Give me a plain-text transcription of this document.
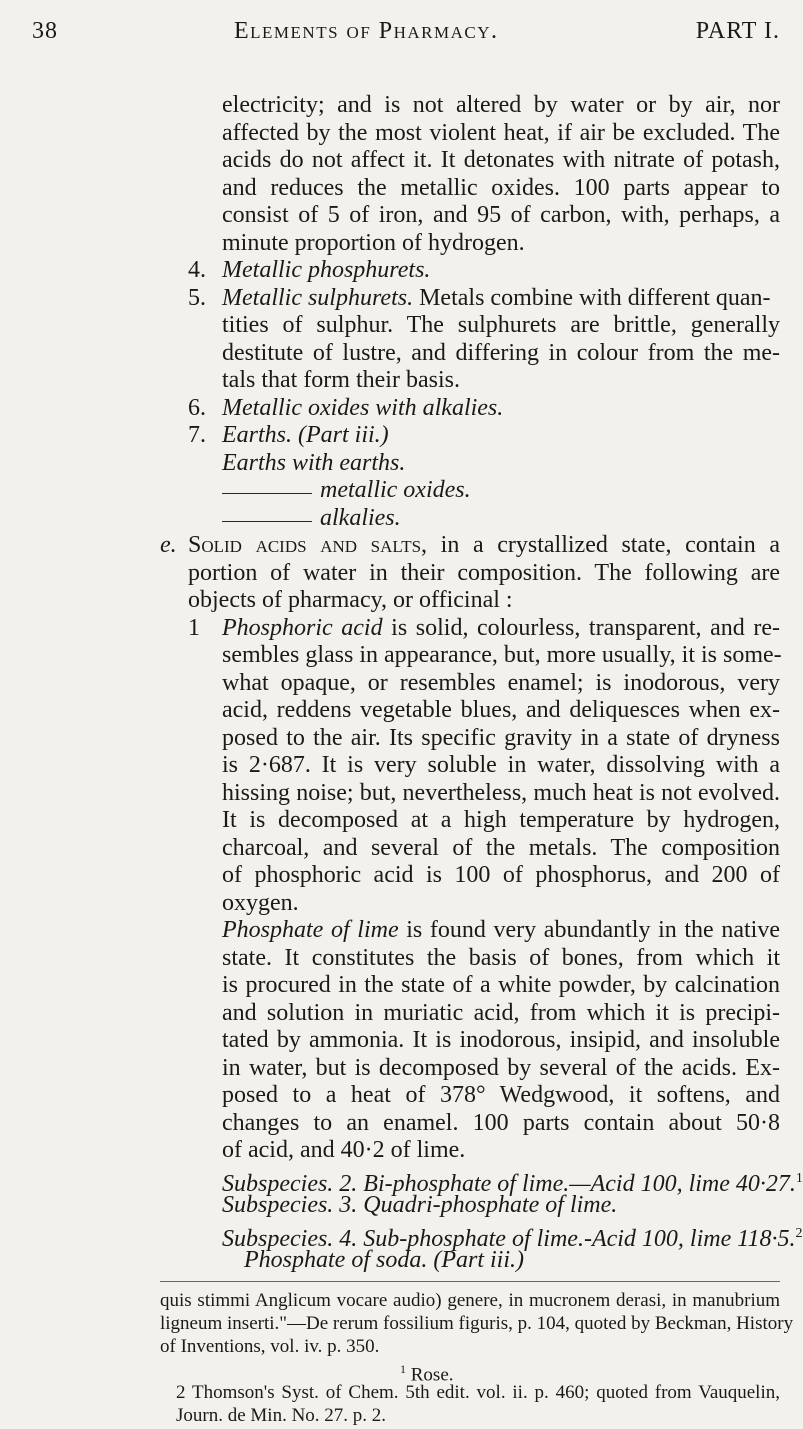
38	Elements of Pharmacy.	PART I.
electricity; and is not altered by water or by air, nor
affected by the most violent heat, if air be excluded. The
acids do not affect it. It detonates with nitrate of potash,
and reduces the metallic oxides. 100 parts appear to
consist of 5 of iron, and 95 of carbon, with, perhaps, a
minute proportion of hydrogen.
4. Metallic phosphurets.
5. Metallic sulphurets. Metals combine with different quan-
tities of sulphur. The sulphurets are brittle, generally
destitute of lustre, and differing in colour from the me-
tals that form their basis.
6. Metallic oxides with alkalies.
7. Earths. (Part iii.)
Earths with earths.
metallic oxides.
alkalies.
e. Solid acids and salts, in a crystallized state, contain a
portion of water in their composition. The following are
objects of pharmacy, or officinal :
1 Phosphoric acid is solid, colourless, transparent, and re-
sembles glass in appearance, but, more usually, it is some-
what opaque, or resembles enamel; is inodorous, very
acid, reddens vegetable blues, and deliquesces when ex-
posed to the air. Its specific gravity in a state of dryness
is 2·687. It is very soluble in water, dissolving with a
hissing noise; but, nevertheless, much heat is not evolved.
It is decomposed at a high temperature by hydrogen,
charcoal, and several of the metals. The composition
of phosphoric acid is 100 of phosphorus, and 200 of
oxygen.
Phosphate of lime is found very abundantly in the native
state. It constitutes the basis of bones, from which it
is procured in the state of a white powder, by calcination
and solution in muriatic acid, from which it is precipi-
tated by ammonia. It is inodorous, insipid, and insoluble
in water, but is decomposed by several of the acids. Ex-
posed to a heat of 378° Wedgwood, it softens, and
changes to an enamel. 100 parts contain about 50·8
of acid, and 40·2 of lime.
Subspecies. 2. Bi-phosphate of lime.—Acid 100, lime 40·27.$^1$
Subspecies. 3. Quadri-phosphate of lime.
Subspecies. 4. Sub-phosphate of lime.-Acid 100, lime 118·5.$^2$
Phosphate of soda. (Part iii.)
quis stimmi Anglicum vocare audio) genere, in mucronem derasi, in manubrium
ligneum inserti."—De rerum fossilium figuris, p. 104, quoted by Beckman, History
of Inventions, vol. iv. p. 350.
$^1$ Rose.
2 Thomson's Syst. of Chem. 5th edit. vol. ii. p. 460; quoted from Vauquelin,
Journ. de Min. No. 27. p. 2.
